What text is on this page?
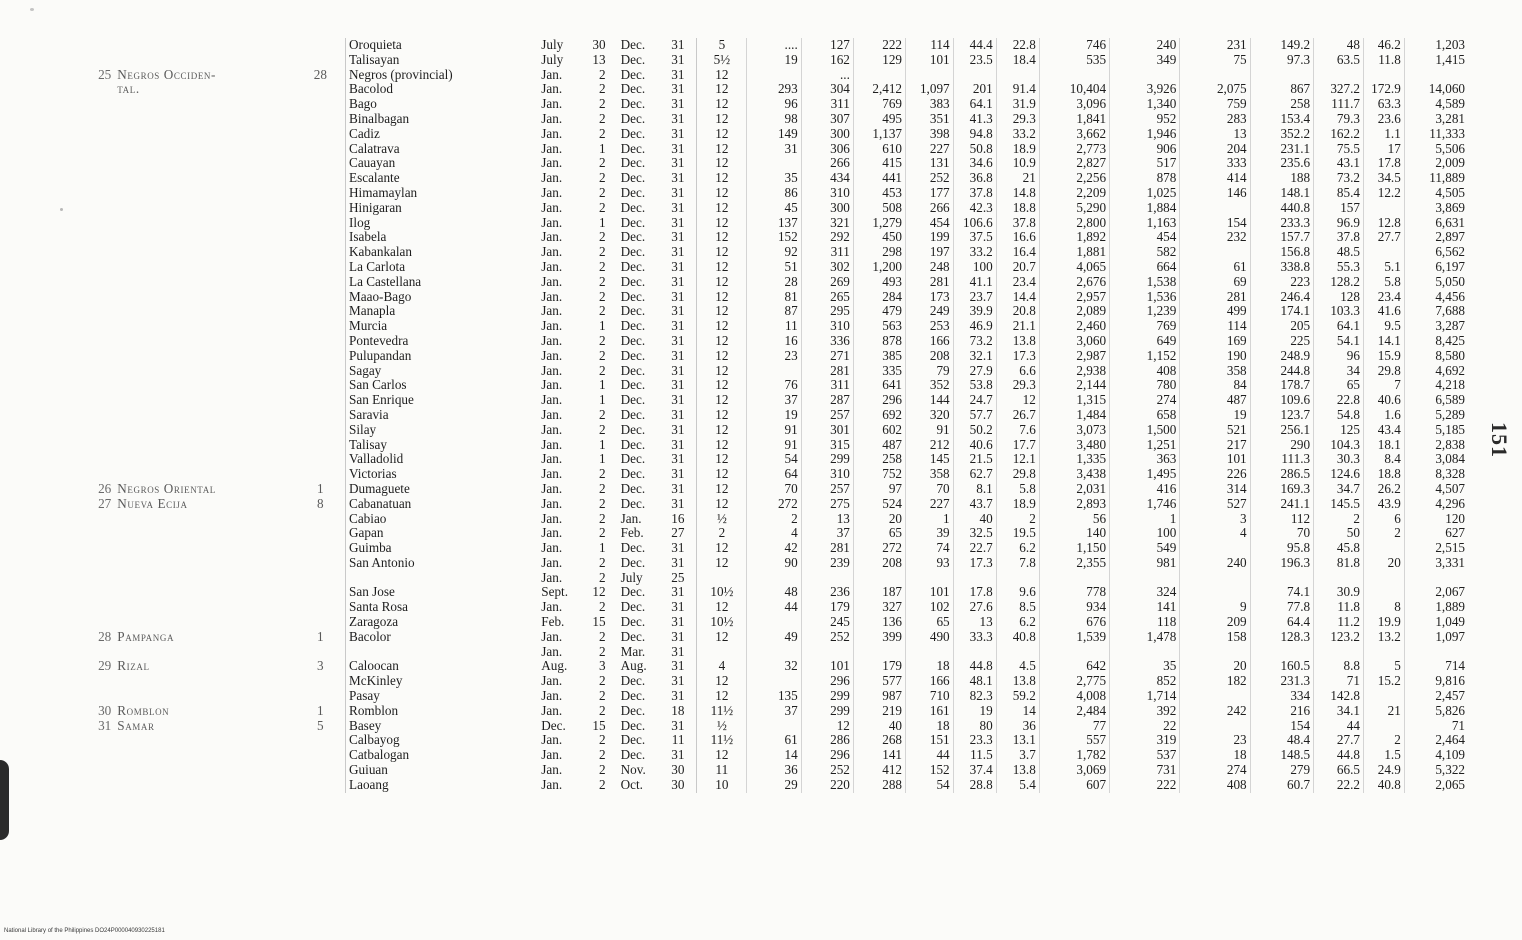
			Oroquieta	July	30	Dec.	31	5	....	127	222	114	44.4	22.8	746	240	231	149.2	48	46.2	1,203
			Talisayan	July	13	Dec.	31	5½	19	162	129	101	23.5	18.4	535	349	75	97.3	63.5	11.8	1,415
25	Negros Occiden-	28	Negros (provincial)	Jan.	2	Dec.	31	12		...											
	tal.		Bacolod	Jan.	2	Dec.	31	12	293	304	2,412	1,097	201	91.4	10,404	3,926	2,075	867	327.2	172.9	14,060
			Bago	Jan.	2	Dec.	31	12	96	311	769	383	64.1	31.9	3,096	1,340	759	258	111.7	63.3	4,589
			Binalbagan	Jan.	2	Dec.	31	12	98	307	495	351	41.3	29.3	1,841	952	283	153.4	79.3	23.6	3,281
			Cadiz	Jan.	2	Dec.	31	12	149	300	1,137	398	94.8	33.2	3,662	1,946	13	352.2	162.2	1.1	11,333
			Calatrava	Jan.	1	Dec.	31	12	31	306	610	227	50.8	18.9	2,773	906	204	231.1	75.5	17	5,506
			Cauayan	Jan.	2	Dec.	31	12		266	415	131	34.6	10.9	2,827	517	333	235.6	43.1	17.8	2,009
			Escalante	Jan.	2	Dec.	31	12	35	434	441	252	36.8	21	2,256	878	414	188	73.2	34.5	11,889
			Himamaylan	Jan.	2	Dec.	31	12	86	310	453	177	37.8	14.8	2,209	1,025	146	148.1	85.4	12.2	4,505
			Hinigaran	Jan.	2	Dec.	31	12	45	300	508	266	42.3	18.8	5,290	1,884		440.8	157		3,869
			Ilog	Jan.	1	Dec.	31	12	137	321	1,279	454	106.6	37.8	2,800	1,163	154	233.3	96.9	12.8	6,631
			Isabela	Jan.	2	Dec.	31	12	152	292	450	199	37.5	16.6	1,892	454	232	157.7	37.8	27.7	2,897
			Kabankalan	Jan.	2	Dec.	31	12	92	311	298	197	33.2	16.4	1,881	582		156.8	48.5		6,562
			La Carlota	Jan.	2	Dec.	31	12	51	302	1,200	248	100	20.7	4,065	664	61	338.8	55.3	5.1	6,197
			La Castellana	Jan.	2	Dec.	31	12	28	269	493	281	41.1	23.4	2,676	1,538	69	223	128.2	5.8	5,050
			Maao-Bago	Jan.	2	Dec.	31	12	81	265	284	173	23.7	14.4	2,957	1,536	281	246.4	128	23.4	4,456
			Manapla	Jan.	2	Dec.	31	12	87	295	479	249	39.9	20.8	2,089	1,239	499	174.1	103.3	41.6	7,688
			Murcia	Jan.	1	Dec.	31	12	11	310	563	253	46.9	21.1	2,460	769	114	205	64.1	9.5	3,287
			Pontevedra	Jan.	2	Dec.	31	12	16	336	878	166	73.2	13.8	3,060	649	169	225	54.1	14.1	8,425
			Pulupandan	Jan.	2	Dec.	31	12	23	271	385	208	32.1	17.3	2,987	1,152	190	248.9	96	15.9	8,580
			Sagay	Jan.	2	Dec.	31	12		281	335	79	27.9	6.6	2,938	408	358	244.8	34	29.8	4,692
			San Carlos	Jan.	1	Dec.	31	12	76	311	641	352	53.8	29.3	2,144	780	84	178.7	65	7	4,218
			San Enrique	Jan.	1	Dec.	31	12	37	287	296	144	24.7	12	1,315	274	487	109.6	22.8	40.6	6,589
			Saravia	Jan.	2	Dec.	31	12	19	257	692	320	57.7	26.7	1,484	658	19	123.7	54.8	1.6	5,289
			Silay	Jan.	2	Dec.	31	12	91	301	602	91	50.2	7.6	3,073	1,500	521	256.1	125	43.4	5,185
			Talisay	Jan.	1	Dec.	31	12	91	315	487	212	40.6	17.7	3,480	1,251	217	290	104.3	18.1	2,838
			Valladolid	Jan.	1	Dec.	31	12	54	299	258	145	21.5	12.1	1,335	363	101	111.3	30.3	8.4	3,084
			Victorias	Jan.	2	Dec.	31	12	64	310	752	358	62.7	29.8	3,438	1,495	226	286.5	124.6	18.8	8,328
26	Negros Oriental	1	Dumaguete	Jan.	2	Dec.	31	12	70	257	97	70	8.1	5.8	2,031	416	314	169.3	34.7	26.2	4,507
27	Nueva Ecija	8	Cabanatuan	Jan.	2	Dec.	31	12	272	275	524	227	43.7	18.9	2,893	1,746	527	241.1	145.5	43.9	4,296
			Cabiao	Jan.	2	Jan.	16	½	2	13	20	1	40	2	56	1	3	112	2	6	120
			Gapan	Jan.	2	Feb.	27	2	4	37	65	39	32.5	19.5	140	100	4	70	50	2	627
			Guimba	Jan.	1	Dec.	31	12	42	281	272	74	22.7	6.2	1,150	549		95.8	45.8		2,515
			San Antonio	Jan.	2	Dec.	31	12	90	239	208	93	17.3	7.8	2,355	981	240	196.3	81.8	20	3,331
				Jan.	2	July	25														
			San Jose	Sept.	12	Dec.	31	10½	48	236	187	101	17.8	9.6	778	324		74.1	30.9		2,067
			Santa Rosa	Jan.	2	Dec.	31	12	44	179	327	102	27.6	8.5	934	141	9	77.8	11.8	8	1,889
			Zaragoza	Feb.	15	Dec.	31	10½		245	136	65	13	6.2	676	118	209	64.4	11.2	19.9	1,049
28	Pampanga	1	Bacolor	Jan.	2	Dec.	31	12	49	252	399	490	33.3	40.8	1,539	1,478	158	128.3	123.2	13.2	1,097
				Jan.	2	Mar.	31														
29	Rizal	3	Caloocan	Aug.	3	Aug.	31	4	32	101	179	18	44.8	4.5	642	35	20	160.5	8.8	5	714
			McKinley	Jan.	2	Dec.	31	12		296	577	166	48.1	13.8	2,775	852	182	231.3	71	15.2	9,816
			Pasay	Jan.	2	Dec.	31	12	135	299	987	710	82.3	59.2	4,008	1,714		334	142.8		2,457
30	Romblon	1	Romblon	Jan.	2	Dec.	18	11½	37	299	219	161	19	14	2,484	392	242	216	34.1	21	5,826
31	Samar	5	Basey	Dec.	15	Dec.	31	½		12	40	18	80	36	77	22		154	44		71
			Calbayog	Jan.	2	Dec.	11	11½	61	286	268	151	23.3	13.1	557	319	23	48.4	27.7	2	2,464
			Catbalogan	Jan.	2	Dec.	31	12	14	296	141	44	11.5	3.7	1,782	537	18	148.5	44.8	1.5	4,109
			Guiuan	Jan.	2	Nov.	30	11	36	252	412	152	37.4	13.8	3,069	731	274	279	66.5	24.9	5,322
			Laoang	Jan.	2	Oct.	30	10	29	220	288	54	28.8	5.4	607	222	408	60.7	22.2	40.8	2,065
151
National Library of the Philippines DO24P000040930225181
